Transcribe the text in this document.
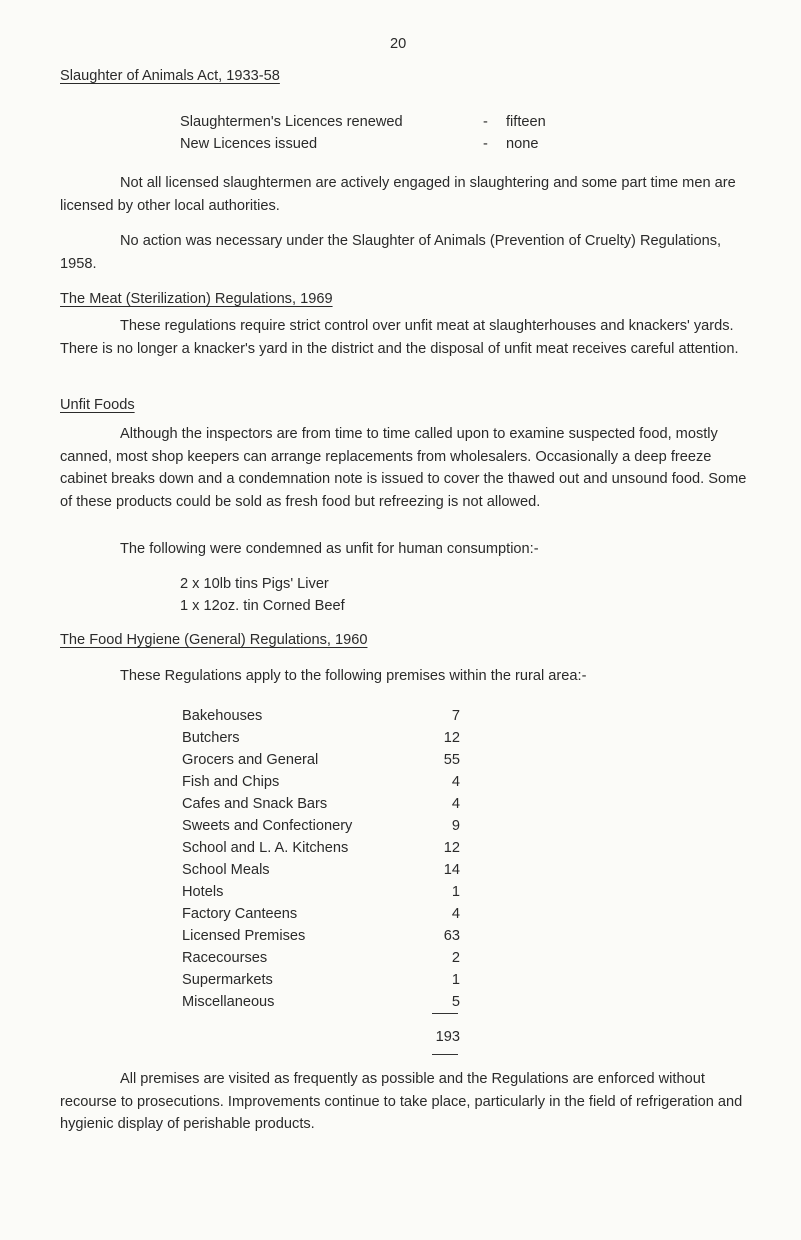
20
Slaughter of Animals Act, 1933-58
Slaughtermen's Licences renewed	- fifteen
New Licences issued	- none
Not all licensed slaughtermen are actively engaged in slaughtering and some part time men are licensed by other local authorities.
No action was necessary under the Slaughter of Animals (Prevention of Cruelty) Regulations, 1958.
The Meat (Sterilization) Regulations, 1969
These regulations require strict control over unfit meat at slaughterhouses and knackers' yards. There is no longer a knacker's yard in the district and the disposal of unfit meat receives careful attention.
Unfit Foods
Although the inspectors are from time to time called upon to examine suspected food, mostly canned, most shop keepers can arrange replacements from wholesalers. Occasionally a deep freeze cabinet breaks down and a condemnation note is issued to cover the thawed out and unsound food. Some of these products could be sold as fresh food but refreezing is not allowed.
The following were condemned as unfit for human consumption:-
2 x 10lb tins Pigs' Liver
1 x 12oz. tin Corned Beef
The Food Hygiene (General) Regulations, 1960
These Regulations apply to the following premises within the rural area:-
Bakehouses	7
Butchers	12
Grocers and General	55
Fish and Chips	4
Cafes and Snack Bars	4
Sweets and Confectionery	9
School and L. A. Kitchens	12
School Meals	14
Hotels	1
Factory Canteens	4
Licensed Premises	63
Racecourses	2
Supermarkets	1
Miscellaneous	5
193
All premises are visited as frequently as possible and the Regulations are enforced without recourse to prosecutions. Improvements continue to take place, particularly in the field of refrigeration and hygienic display of perishable products.
